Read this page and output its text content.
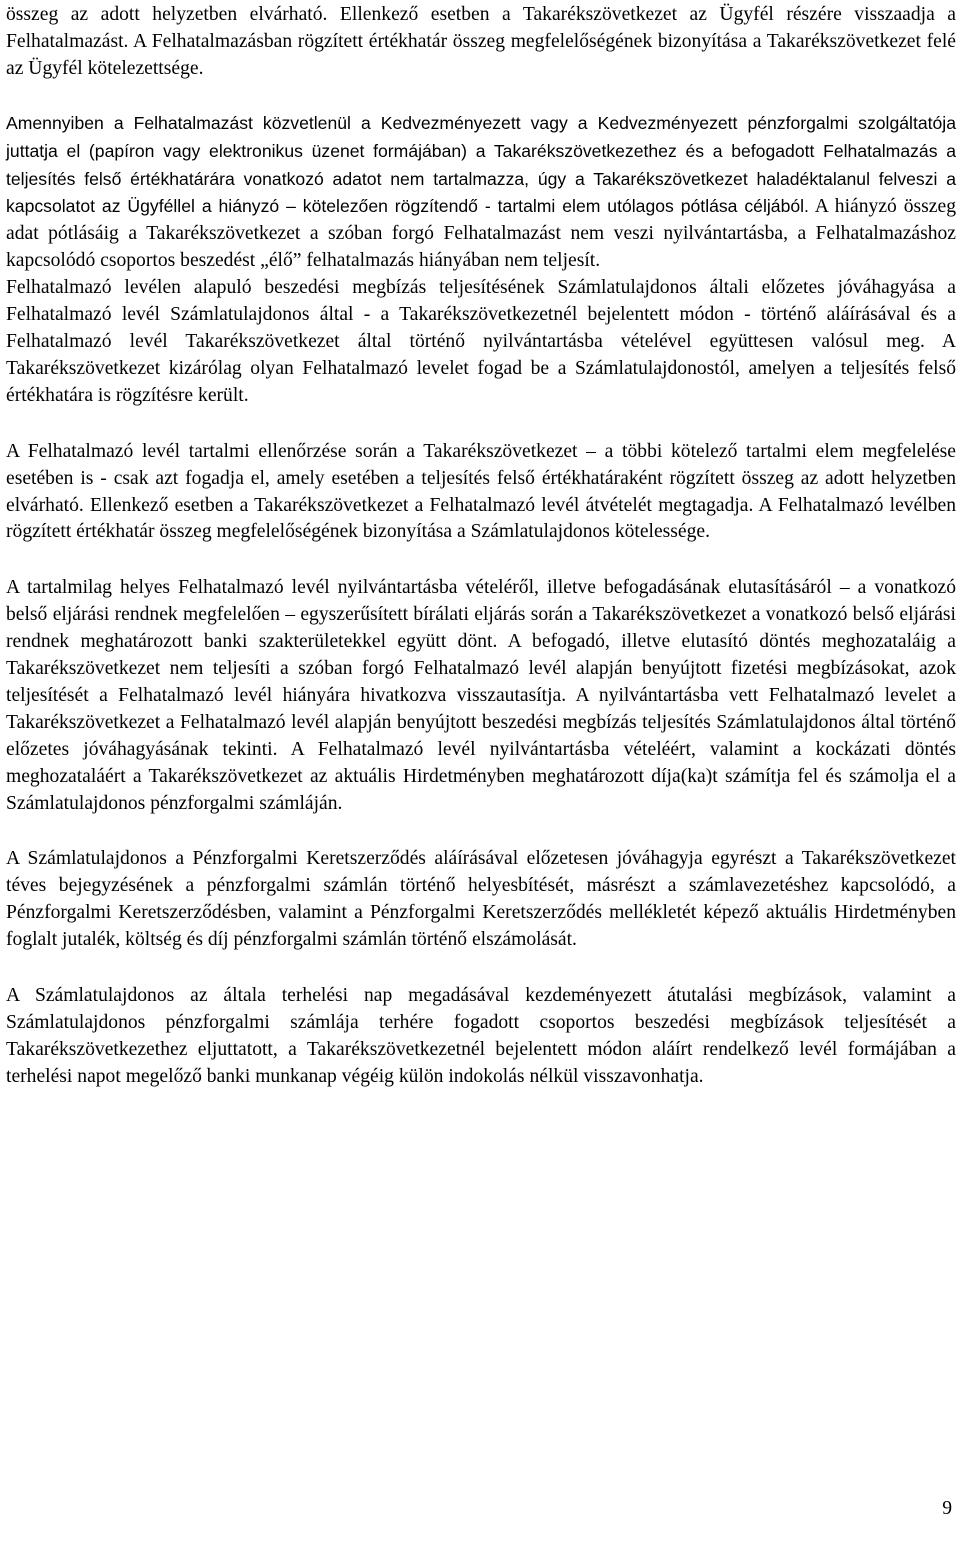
összeg az adott helyzetben elvárható. Ellenkező esetben a Takarékszövetkezet az Ügyfél részére visszaadja a Felhatalmazást. A Felhatalmazásban rögzített értékhatár összeg megfelelőségének bizonyítása a Takarékszövetkezet felé az Ügyfél kötelezettsége.

Amennyiben a Felhatalmazást közvetlenül a Kedvezményezett vagy a Kedvezményezett pénzforgalmi szolgáltatója juttatja el (papíron vagy elektronikus üzenet formájában) a Takarékszövetkezethez és a befogadott Felhatalmazás a teljesítés felső értékhatárára vonatkozó adatot nem tartalmazza, úgy a Takarékszövetkezet haladéktalanul felveszi a kapcsolatot az Ügyféllel a hiányzó – kötelezően rögzítendő - tartalmi elem utólagos pótlása céljából. A hiányzó összeg adat pótlásáig a Takarékszövetkezet a szóban forgó Felhatalmazást nem veszi nyilvántartásba, a Felhatalmazáshoz kapcsolódó csoportos beszedést „élő” felhatalmazás hiányában nem teljesít.

Felhatalmazó levélen alapuló beszedési megbízás teljesítésének Számlatulajdonos általi előzetes jóváhagyása a Felhatalmazó levél Számlatulajdonos által - a Takarékszövetkezetnél bejelentett módon - történő aláírásával és a Felhatalmazó levél Takarékszövetkezet által történő nyilvántartásba vételével együttesen valósul meg. A Takarékszövetkezet kizárólag olyan Felhatalmazó levelet fogad be a Számlatulajdonostól, amelyen a teljesítés felső értékhatára is rögzítésre került.

A Felhatalmazó levél tartalmi ellenőrzése során a Takarékszövetkezet – a többi kötelező tartalmi elem megfelelése esetében is - csak azt fogadja el, amely esetében a teljesítés felső értékhatáraként rögzített összeg az adott helyzetben elvárható. Ellenkező esetben a Takarékszövetkezet a Felhatalmazó levél átvételét megtagadja. A Felhatalmazó levélben rögzített értékhatár összeg megfelelőségének bizonyítása a Számlatulajdonos kötelessége.

A tartalmilag helyes Felhatalmazó levél nyilvántartásba vételéről, illetve befogadásának elutasításáról – a vonatkozó belső eljárási rendnek megfelelően – egyszerűsített bírálati eljárás során a Takarékszövetkezet a vonatkozó belső eljárási rendnek meghatározott banki szakterületekkel együtt dönt. A befogadó, illetve elutasító döntés meghozataláig a Takarékszövetkezet nem teljesíti a szóban forgó Felhatalmazó levél alapján benyújtott fizetési megbízásokat, azok teljesítését a Felhatalmazó levél hiányára hivatkozva visszautasítja. A nyilvántartásba vett Felhatalmazó levelet a Takarékszövetkezet a Felhatalmazó levél alapján benyújtott beszedési megbízás teljesítés Számlatulajdonos által történő előzetes jóváhagyásának tekinti. A Felhatalmazó levél nyilvántartásba vételéért, valamint a kockázati döntés meghozataláért a Takarékszövetkezet az aktuális Hirdetményben meghatározott díja(ka)t számítja fel és számolja el a Számlatulajdonos pénzforgalmi számláján.

A Számlatulajdonos a Pénzforgalmi Keretszerződés aláírásával előzetesen jóváhagyja egyrészt a Takarékszövetkezet téves bejegyzésének a pénzforgalmi számlán történő helyesbítését, másrészt a számlavezetéshez kapcsolódó, a Pénzforgalmi Keretszerződésben, valamint a Pénzforgalmi Keretszerződés mellékletét képező aktuális Hirdetményben foglalt jutalék, költség és díj pénzforgalmi számlán történő elszámolását.

A Számlatulajdonos az általa terhelési nap megadásával kezdeményezett átutalási megbízások, valamint a Számlatulajdonos pénzforgalmi számlája terhére fogadott csoportos beszedési megbízások teljesítését a Takarékszövetkezethez eljuttatott, a Takarékszövetkezetnél bejelentett módon aláírt rendelkező levél formájában a terhelési napot megelőző banki munkanap végéig külön indokolás nélkül visszavonhatja.

9
